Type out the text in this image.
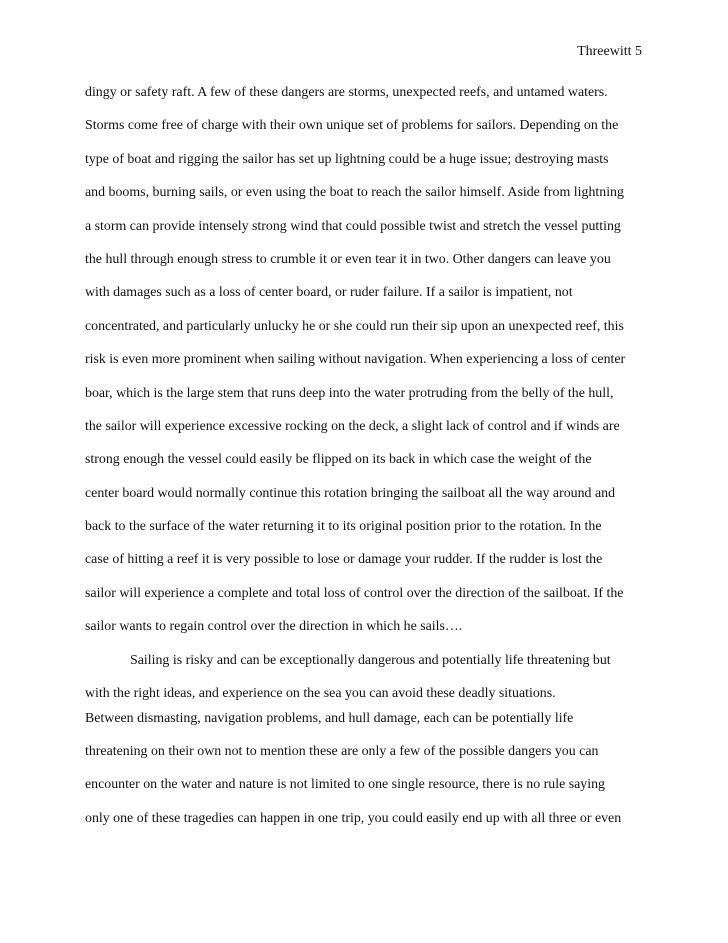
Threewitt 5
dingy or safety raft. A few of these dangers are storms, unexpected reefs, and untamed waters.
Storms come free of charge with their own unique set of problems for sailors. Depending on the
type of boat and rigging the sailor has set up lightning could be a huge issue; destroying masts
and booms, burning sails, or even using the boat to reach the sailor himself. Aside from lightning
a storm can provide intensely strong wind that could possible twist and stretch the vessel putting
the hull through enough stress to crumble it or even tear it in two. Other dangers can leave you
with damages such as a loss of center board, or ruder failure. If a sailor is impatient, not
concentrated, and particularly unlucky he or she could run their sip upon an unexpected reef, this
risk is even more prominent when sailing without navigation. When experiencing a loss of center
boar, which is the large stem that runs deep into the water protruding from the belly of the hull,
the sailor will experience excessive rocking on the deck, a slight lack of control and if winds are
strong enough the vessel could easily be flipped on its back in which case the weight of the
center board would normally continue this rotation bringing the sailboat all the way around and
back to the surface of the water returning it to its original position prior to the rotation. In the
case of hitting a reef it is very possible to lose or damage your rudder. If the rudder is lost the
sailor will experience a complete and total loss of control over the direction of the sailboat. If the
sailor wants to regain control over the direction in which he sails….
Sailing is risky and can be exceptionally dangerous and potentially life threatening but
with the right ideas, and experience on the sea you can avoid these deadly situations.
Between dismasting, navigation problems, and hull damage, each can be potentially life
threatening on their own not to mention these are only a few of the possible dangers you can
encounter on the water and nature is not limited to one single resource, there is no rule saying
only one of these tragedies can happen in one trip, you could easily end up with all three or even
